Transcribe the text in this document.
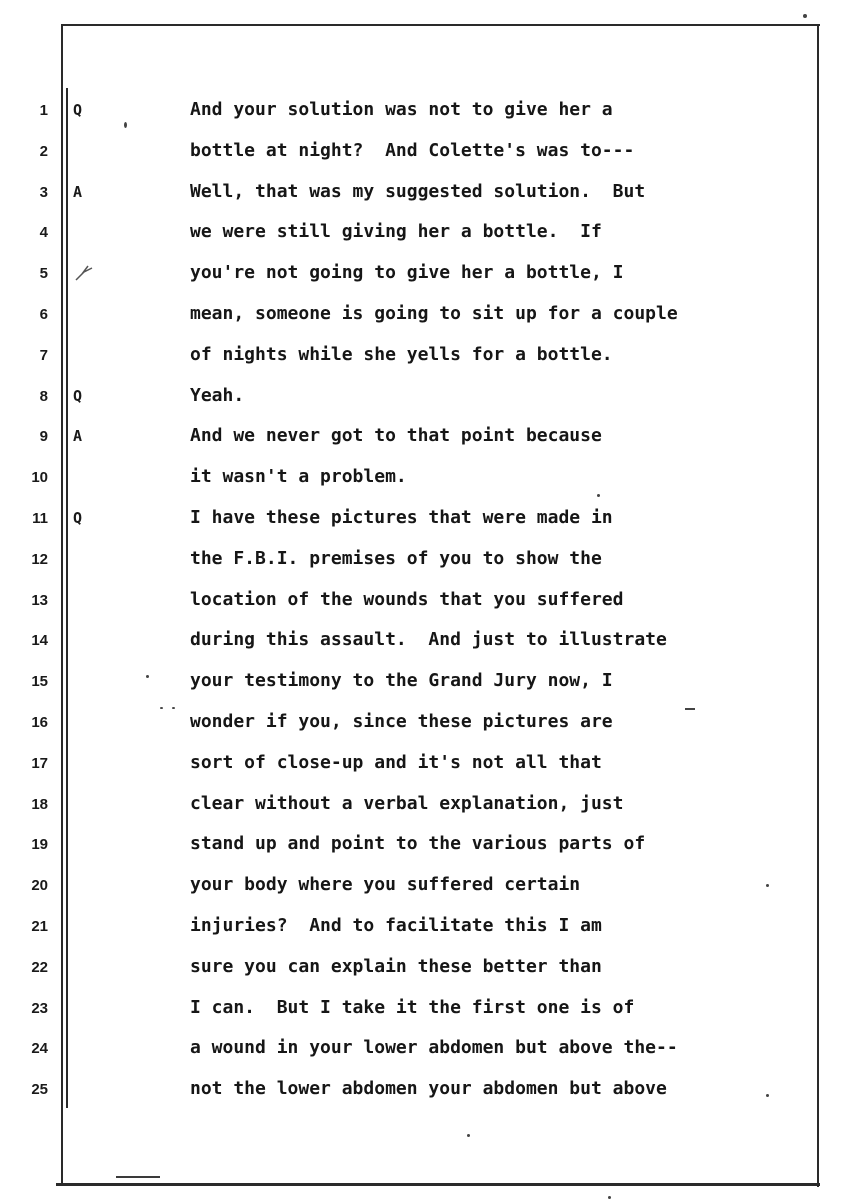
1 Q	And your solution was not to give her a
2	bottle at night?  And Colette's was to---
3 A	Well, that was my suggested solution.  But
4	we were still giving her a bottle.  If
5	you're not going to give her a bottle, I
6	mean, someone is going to sit up for a couple
7	of nights while she yells for a bottle.
8 Q	Yeah.
9 A	And we never got to that point because
10	it wasn't a problem.
11 Q	I have these pictures that were made in
12	the F.B.I. premises of you to show the
13	location of the wounds that you suffered
14	during this assault.  And just to illustrate
15	your testimony to the Grand Jury now, I
16	wonder if you, since these pictures are
17	sort of close-up and it's not all that
18	clear without a verbal explanation, just
19	stand up and point to the various parts of
20	your body where you suffered certain
21	injuries?  And to facilitate this I am
22	sure you can explain these better than
23	I can.  But I take it the first one is of
24	a wound in your lower abdomen but above the--
25	not the lower abdomen your abdomen but above
